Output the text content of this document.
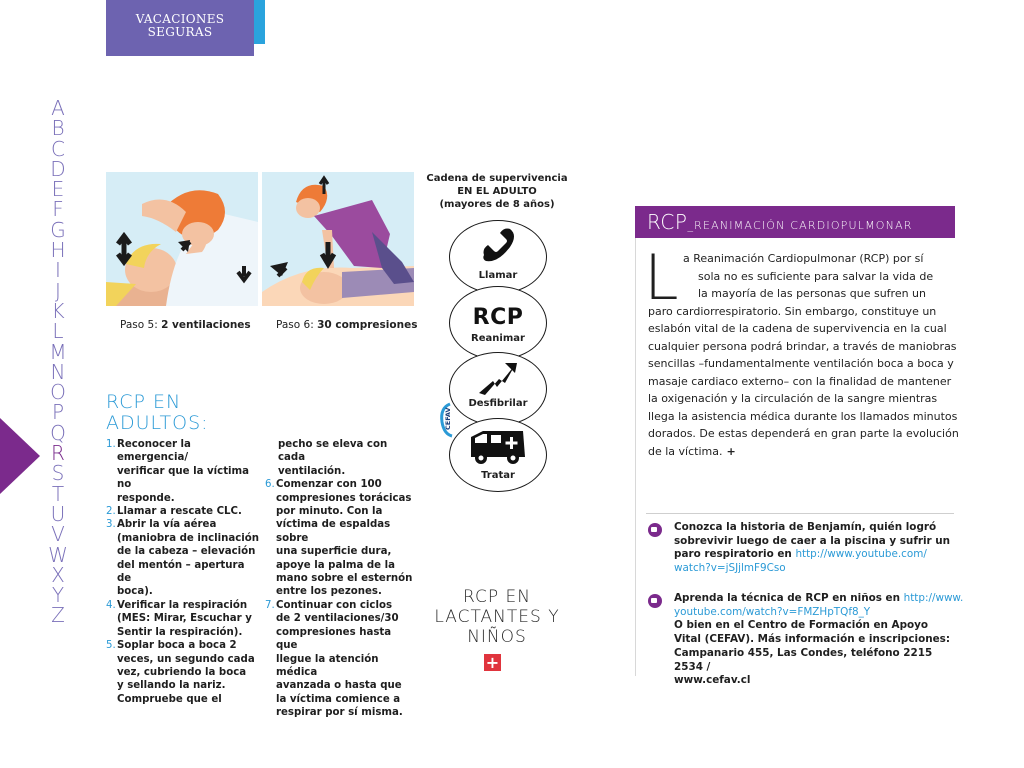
VACACIONES
SEGURAS
A
B
C
D
E
F
G
H
I
J
K
L
M
N
O
P
Q
R
S
T
U
V
W
X
Y
Z
Paso 5: 2 ventilaciones Paso 6: 30 compresiones
RCP EN
ADULTOS:
1. Reconocer la emergencia/
verificar que la víctima no
responde.
2. Llamar a rescate CLC.
3. Abrir la vía aérea
(maniobra de inclinación
de la cabeza – elevación
del mentón – apertura de
boca).
4. Verificar la respiración
(MES: Mirar, Escuchar y
Sentir la respiración).
5. Soplar boca a boca 2
veces, un segundo cada
vez, cubriendo la boca
y sellando la nariz.
Compruebe que el
pecho se eleva con cada
ventilación.
6. Comenzar con 100
compresiones torácicas
por minuto. Con la
víctima de espaldas sobre
una superficie dura,
apoye la palma de la
mano sobre el esternón
entre los pezones.
7. Continuar con ciclos
de 2 ventilaciones/30
compresiones hasta que
llegue la atención médica
avanzada o hasta que
la víctima comience a
respirar por sí misma.
Cadena de supervivencia
EN EL ADULTO
(mayores de 8 años)
Llamar
RCP
Reanimar
Desfibrilar
Tratar
CEFAV
RCP EN
LACTANTES Y
NIÑOS
+
RCP_REANIMACIÓN CARDIOPULMONAR
L a Reanimación Cardiopulmonar (RCP) por sí
sola no es suficiente para salvar la vida de
la mayoría de las personas que sufren un
paro cardiorrespiratorio. Sin embargo, constituye un
eslabón vital de la cadena de supervivencia en la cual
cualquier persona podrá brindar, a través de maniobras
sencillas –fundamentalmente ventilación boca a boca y
masaje cardiaco externo– con la finalidad de mantener
la oxigenación y la circulación de la sangre mientras
llega la asistencia médica durante los llamados minutos
dorados. De estas dependerá en gran parte la evolución
de la víctima. +
Conozca la historia de Benjamín, quién logró
sobrevivir luego de caer a la piscina y sufrir un
paro respiratorio en http://www.youtube.com/
watch?v=jSJjlmF9Cso
Aprenda la técnica de RCP en niños en http://www.
youtube.com/watch?v=FMZHpTQf8_Y
O bien en el Centro de Formación en Apoyo
Vital (CEFAV). Más información e inscripciones:
Campanario 455, Las Condes, teléfono 2215 2534 /
www.cefav.cl
